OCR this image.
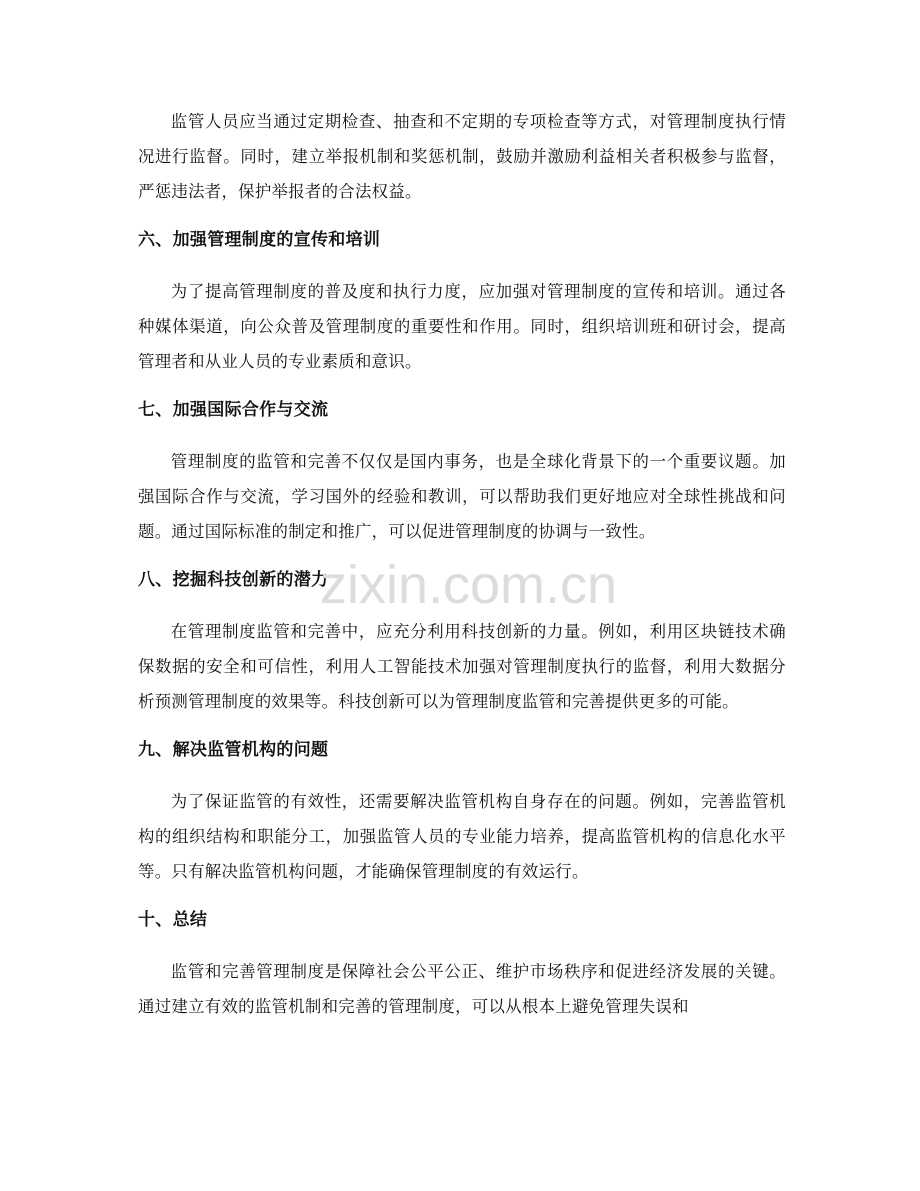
监管人员应当通过定期检查、抽查和不定期的专项检查等方式，对管理制度执行情况进行监督。同时，建立举报机制和奖惩机制，鼓励并激励利益相关者积极参与监督，严惩违法者，保护举报者的合法权益。

六、加强管理制度的宣传和培训

为了提高管理制度的普及度和执行力度，应加强对管理制度的宣传和培训。通过各种媒体渠道，向公众普及管理制度的重要性和作用。同时，组织培训班和研讨会，提高管理者和从业人员的专业素质和意识。

七、加强国际合作与交流

管理制度的监管和完善不仅仅是国内事务，也是全球化背景下的一个重要议题。加强国际合作与交流，学习国外的经验和教训，可以帮助我们更好地应对全球性挑战和问题。通过国际标准的制定和推广，可以促进管理制度的协调与一致性。

八、挖掘科技创新的潜力

在管理制度监管和完善中，应充分利用科技创新的力量。例如，利用区块链技术确保数据的安全和可信性，利用人工智能技术加强对管理制度执行的监督，利用大数据分析预测管理制度的效果等。科技创新可以为管理制度监管和完善提供更多的可能。

九、解决监管机构的问题

为了保证监管的有效性，还需要解决监管机构自身存在的问题。例如，完善监管机构的组织结构和职能分工，加强监管人员的专业能力培养，提高监管机构的信息化水平等。只有解决监管机构问题，才能确保管理制度的有效运行。

十、总结

监管和完善管理制度是保障社会公平公正、维护市场秩序和促进经济发展的关键。通过建立有效的监管机制和完善的管理制度，可以从根本上避免管理失误和

zixin.com.cn
